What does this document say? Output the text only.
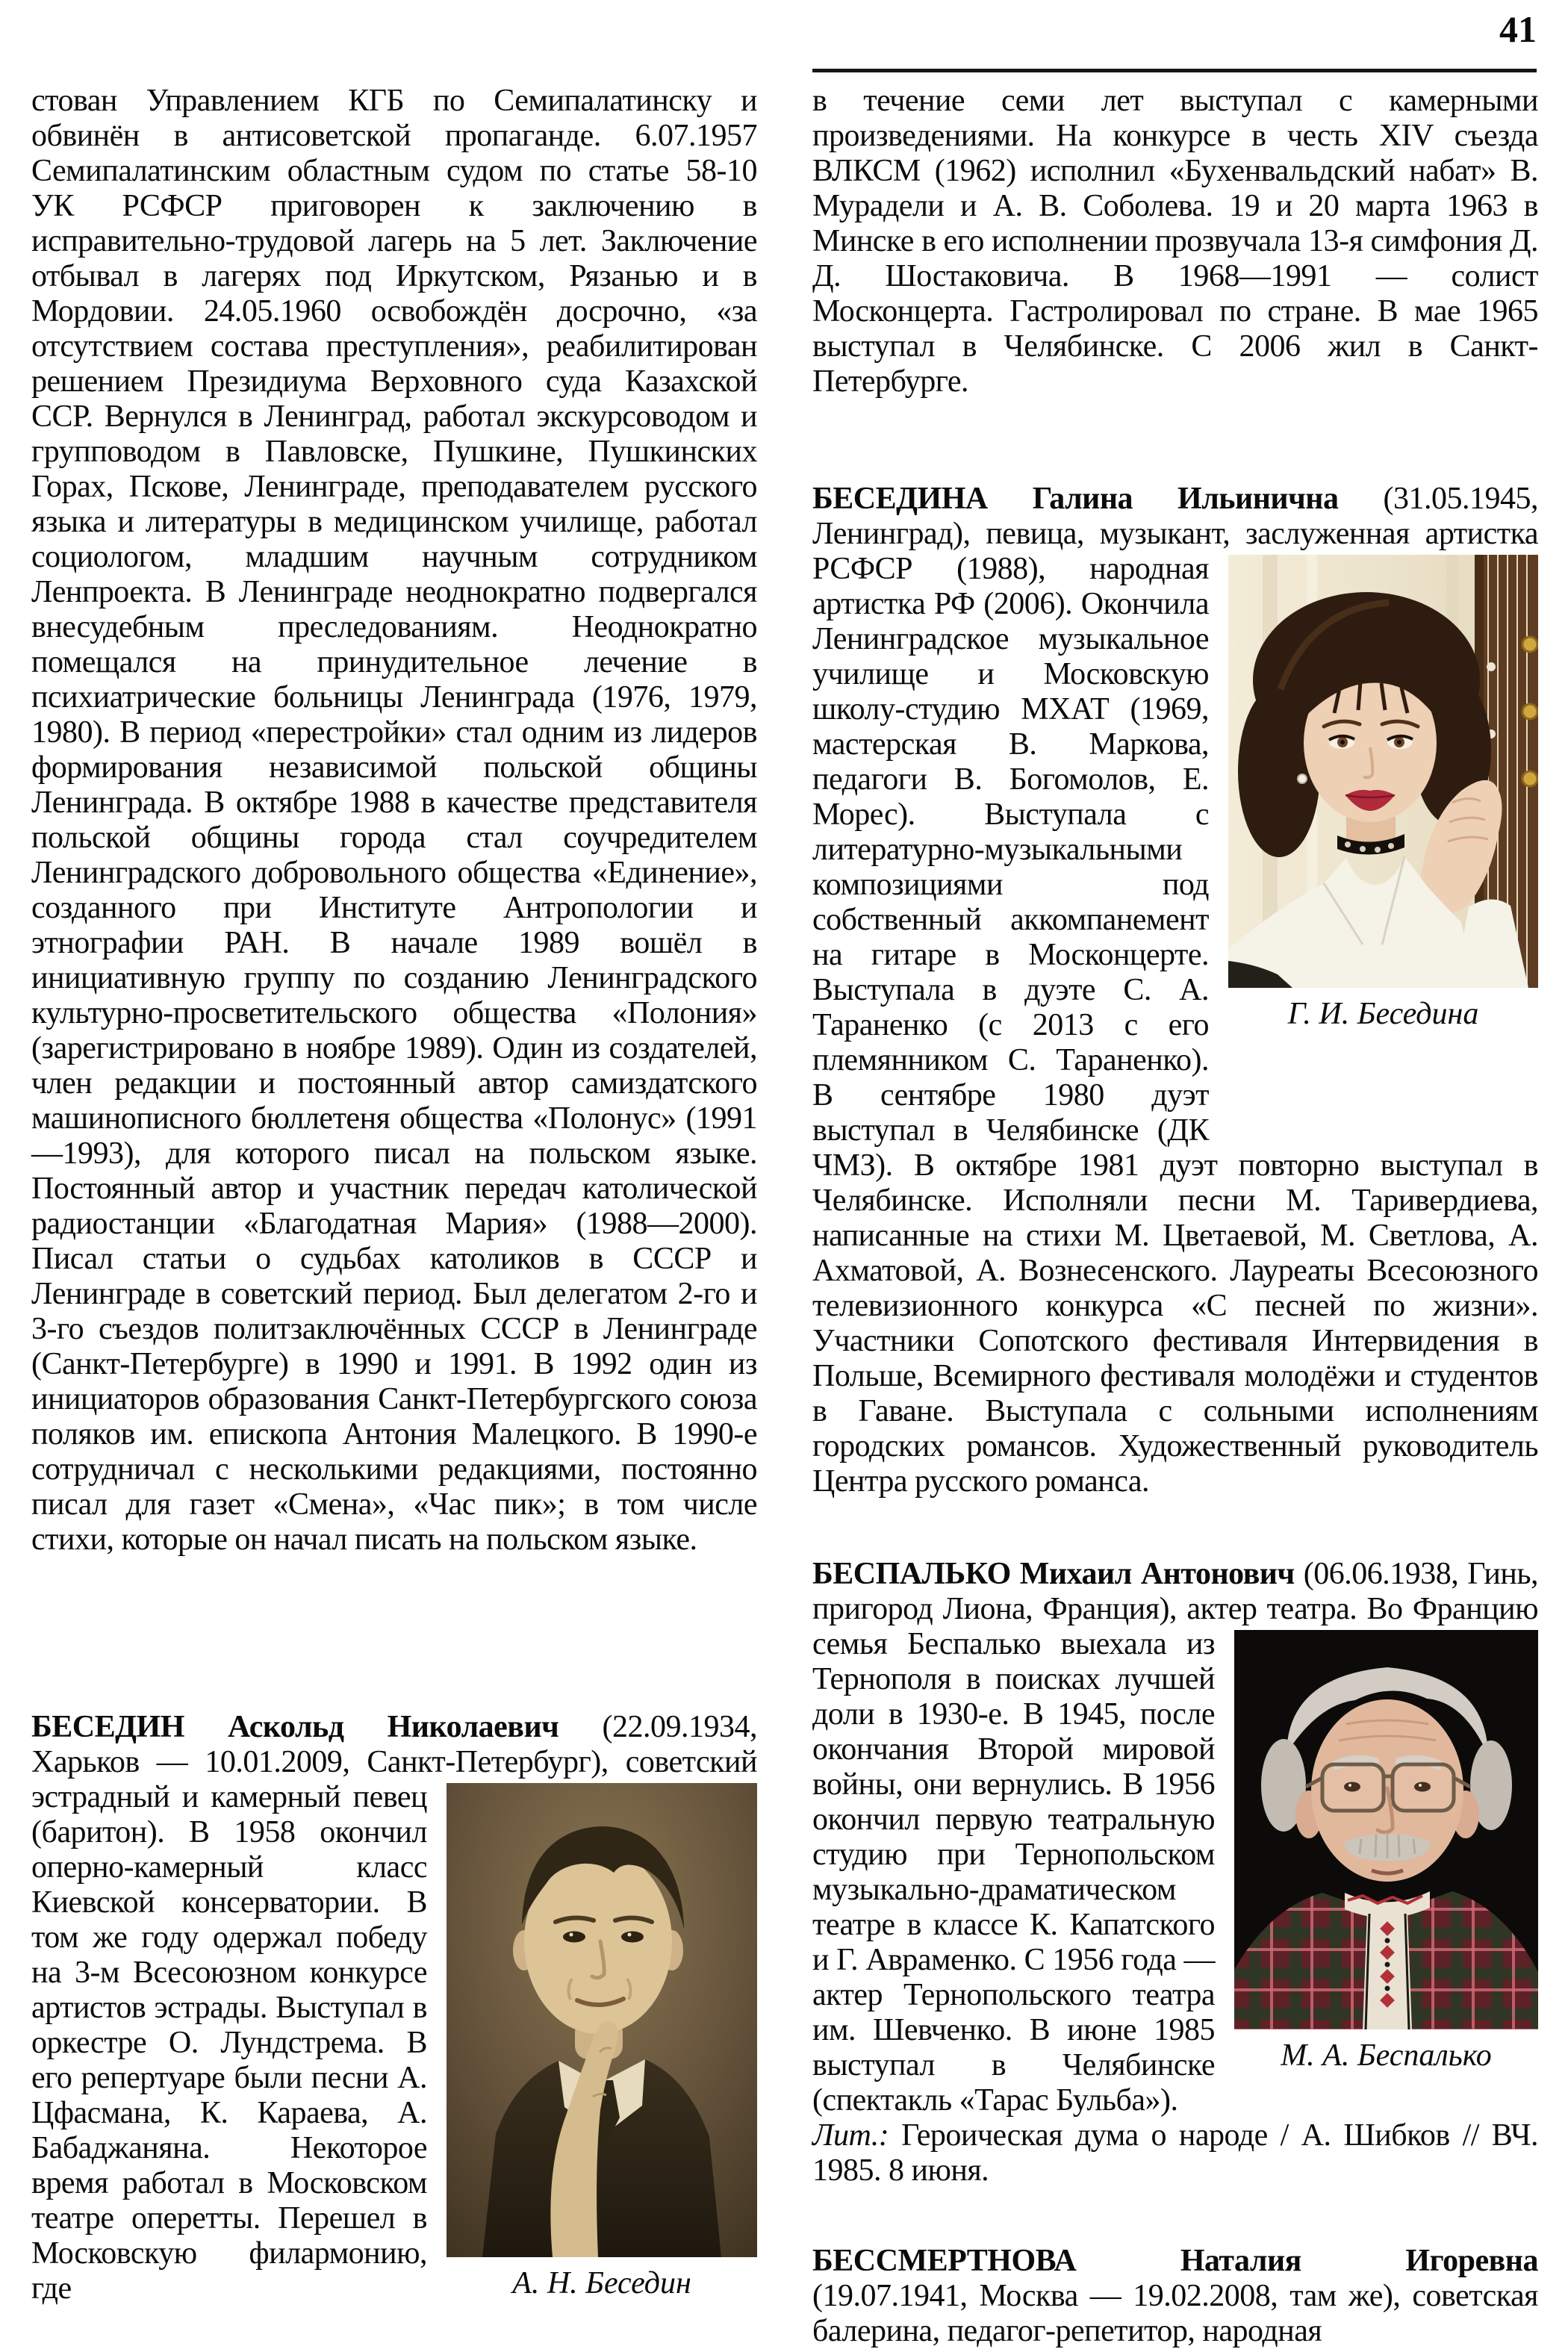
41
стован Управлением КГБ по Семипалатинску и обвинён в антисоветской пропаганде. 6.07.1957 Семипалатинским областным судом по статье 58-10 УК РСФСР приговорен к заключению в исправительно-трудовой лагерь на 5 лет. Заключение отбывал в лагерях под Иркутском, Рязанью и в Мордовии. 24.05.1960 освобождён досрочно, «за отсутствием состава преступления», реабилитирован решением Президиума Верховного суда Казахской ССР. Вернулся в Ленинград, работал экскурсоводом и групповодом в Павловске, Пушкине, Пушкинских Горах, Пскове, Ленинграде, преподавателем русского языка и литературы в медицинском училище, работал социологом, младшим научным сотрудником Ленпроекта. В Ленинграде неоднократно подвергался внесудебным преследованиям. Неоднократно помещался на принудительное лечение в психиатрические больницы Ленинграда (1976, 1979, 1980). В период «перестройки» стал одним из лидеров формирования независимой польской общины Ленинграда. В октябре 1988 в качестве представителя польской общины города стал соучредителем Ленинградского добровольного общества «Единение», созданного при Институте Антропологии и этнографии РАН. В начале 1989 вошёл в инициативную группу по созданию Ленинградского культурно-просветительского общества «Полония» (зарегистрировано в ноябре 1989). Один из создателей, член редакции и постоянный автор самиздатского машинописного бюллетеня общества «Полонус» (1991—1993), для которого писал на польском языке. Постоянный автор и участник передач католической радиостанции «Благодатная Мария» (1988—2000). Писал статьи о судьбах католиков в СССР и Ленинграде в советский период. Был делегатом 2-го и 3-го съездов политзаключённых СССР в Ленинграде (Санкт-Петербурге) в 1990 и 1991. В 1992 один из инициаторов образования Санкт-Петербургского союза поляков им. епископа Антония Малецкого. В 1990-е сотрудничал с несколькими редакциями, постоянно писал для газет «Смена», «Час пик»; в том числе стихи, которые он начал писать на польском языке.
БЕСЕДИН Аскольд Николаевич (22.09.1934, Харьков — 10.01.2009, Санкт-Петербург), советский
А. Н. Беседин
эстрадный и камерный певец (баритон). В 1958 окончил оперно-камерный класс Киевской консерватории. В том же году одержал победу на 3-м Всесоюзном конкурсе артистов эстрады. Выступал в оркестре О. Лундстрема. В его репертуаре были песни А. Цфасмана, К. Караева, А. Бабаджаняна. Некоторое время работал в Московском театре оперетты. Перешел в Московскую филармонию, где
в течение семи лет выступал с камерными произведениями. На конкурсе в честь XIV съезда ВЛКСМ (1962) исполнил «Бухенвальдский набат» В. Мурадели и А. В. Соболева. 19 и 20 марта 1963 в Минске в его исполнении прозвучала 13-я симфония Д. Д. Шостаковича. В 1968—1991 — солист Москонцерта. Гастролировал по стране. В мае 1965 выступал в Челябинске. С 2006 жил в Санкт-Петербурге.
БЕСЕДИНА Галина Ильинична (31.05.1945, Ленинград), певица, музыкант, заслуженная
Г. И. Беседина
артистка РСФСР (1988), народная артистка РФ (2006). Окончила Ленинградское музыкальное училище и Московскую школу-студию МХАТ (1969, мастерская В. Маркова, педагоги В. Богомолов, Е. Морес). Выступала с литературно-музыкальными композициями под собственный аккомпанемент на гитаре в Москонцерте. Выступала в дуэте С. А. Тараненко (с 2013 с его племянником С. Тараненко). В сентябре 1980 дуэт выступал в Челябинске (ДК ЧМЗ). В октябре 1981 дуэт повторно выступал в Челябинске. Исполняли песни М. Таривердиева, написанные на стихи М. Цветаевой, М. Светлова, А. Ахматовой, А. Вознесенского. Лауреаты Всесоюзного телевизионного конкурса «С песней по жизни». Участники Сопотского фестиваля Интервидения в Польше, Всемирного фестиваля молодёжи и студентов в Гаване. Выступала с сольными исполнениям городских романсов. Художественный руководитель Центра русского романса.
БЕСПАЛЬКО Михаил Антонович (06.06.1938, Гинь, пригород Лиона, Франция), актер театра.
М. А. Беспалько
Во Францию семья Беспалько выехала из Тернополя в поисках лучшей доли в 1930-е. В 1945, после окончания Второй мировой войны, они вернулись. В 1956 окончил первую театральную студию при Тернопольском музыкально-драматическом театре в классе К. Капатского и Г. Авраменко. С 1956 года — актер Тернопольского театра им. Шевченко. В июне 1985 выступал в Челябинске (спектакль «Тарас Бульба»).

Лит.: Героическая дума о народе / А. Шибков // ВЧ. 1985. 8 июня.

БЕССМЕРТНОВА Наталия Игоревна
(19.07.1941, Москва — 19.02.2008, там же), советская балерина, педагог-репетитор, народная
